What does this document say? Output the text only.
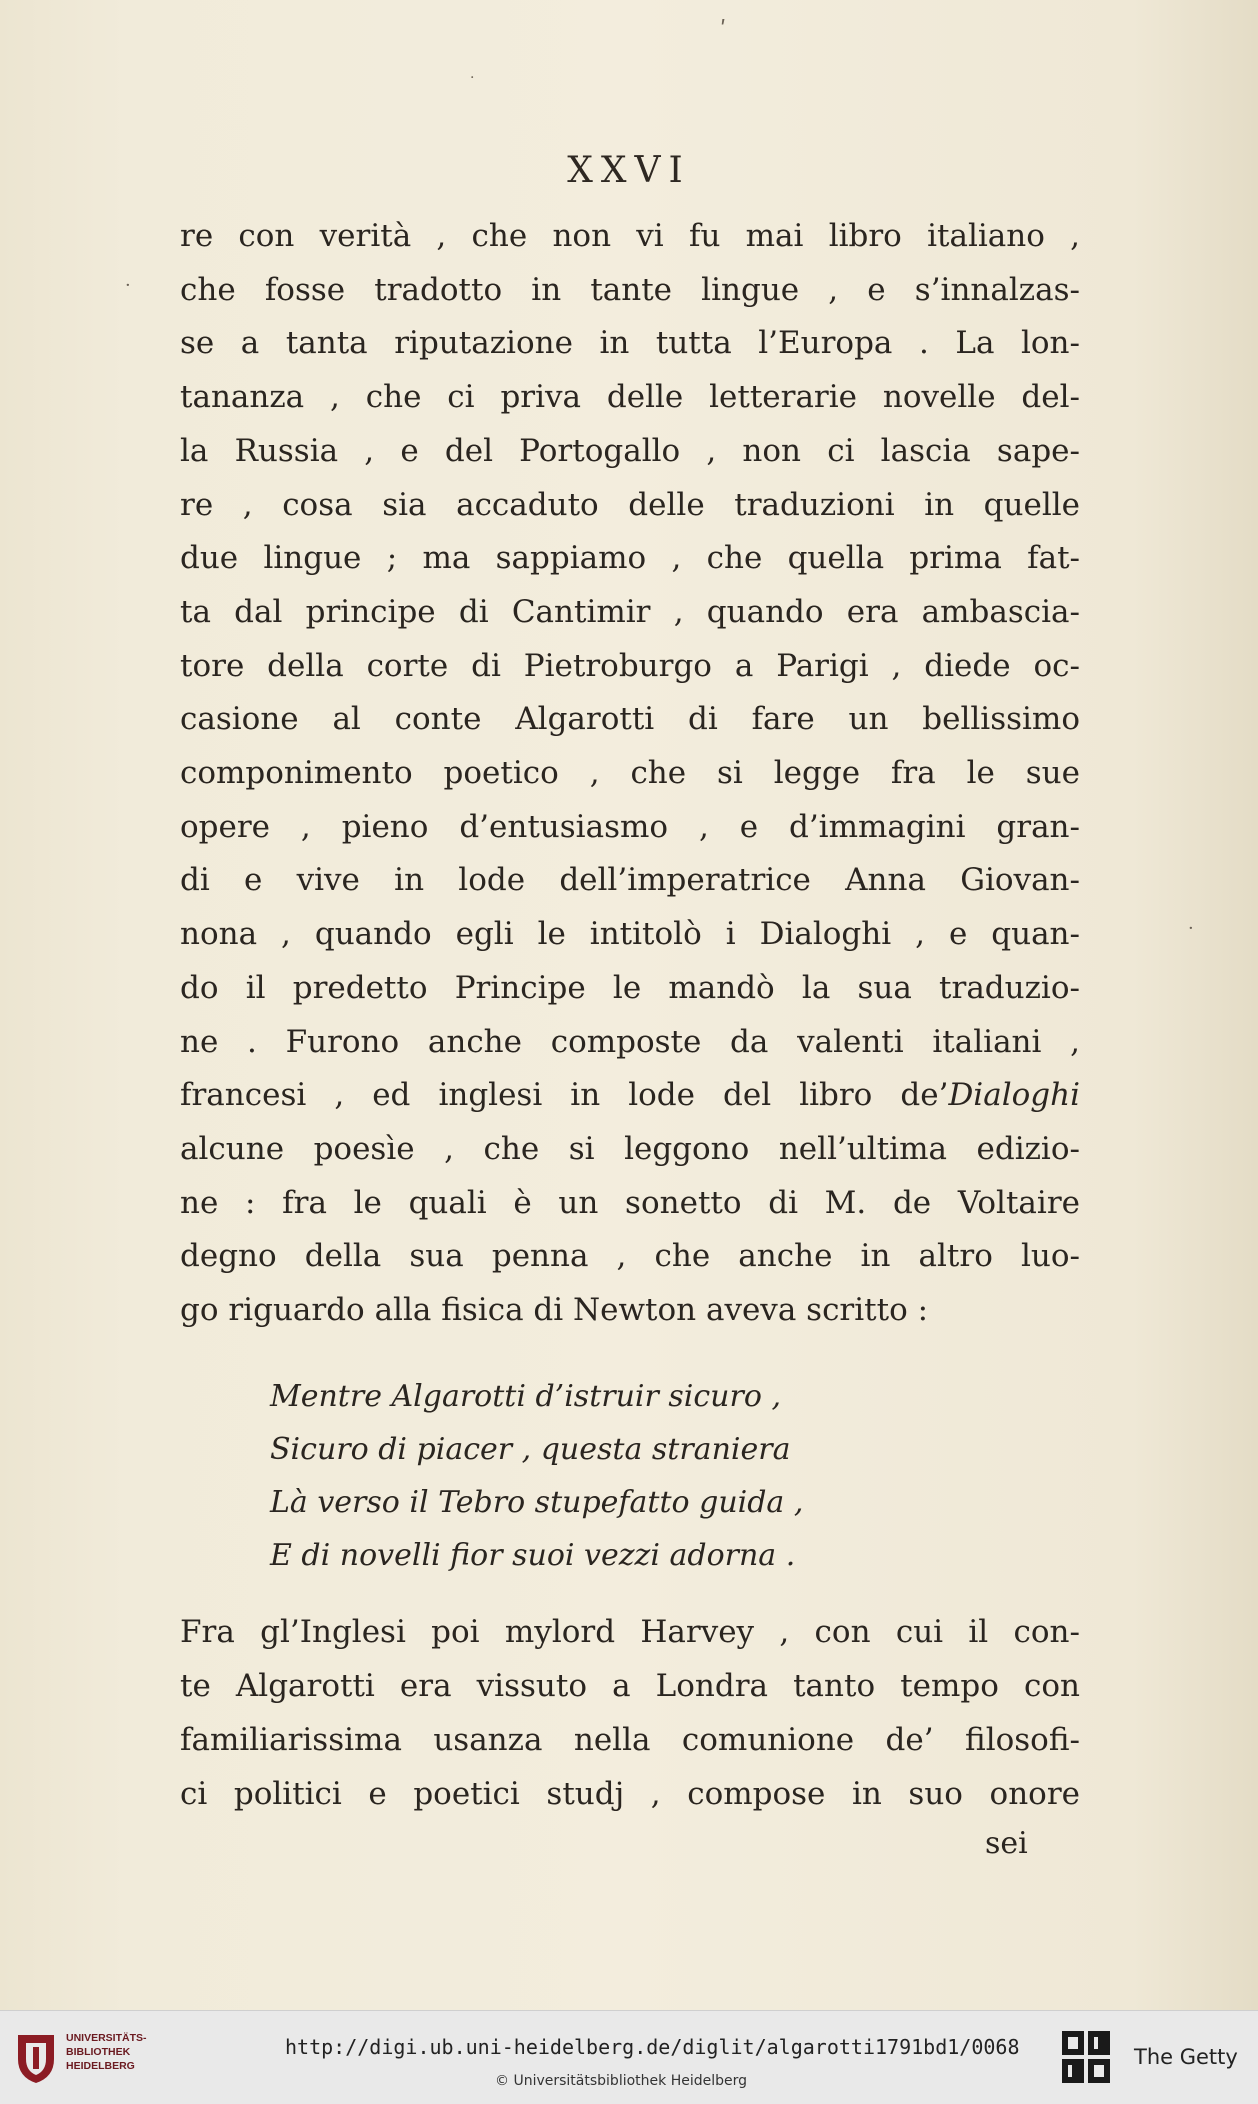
ʹ
·
·
·
XXVI
re con verità , che non vi fu mai libro italiano ,
che fosse tradotto in tante lingue , e s’innalzas-
se a tanta riputazione in tutta l’Europa . La lon-
tananza , che ci priva delle letterarie novelle del-
la Russia , e del Portogallo , non ci lascia sape-
re , cosa sia accaduto delle traduzioni in quelle
due lingue ; ma sappiamo , che quella prima fat-
ta dal principe di Cantimir , quando era ambascia-
tore della corte di Pietroburgo a Parigi , diede oc-
casione al conte Algarotti di fare un bellissimo
componimento poetico , che si legge fra le sue
opere , pieno d’entusiasmo , e d’immagini gran-
di e vive in lode dell’imperatrice Anna Giovan-
nona , quando egli le intitolò i Dialoghi , e quan-
do il predetto Principe le mandò la sua traduzio-
ne . Furono anche composte da valenti italiani ,
francesi , ed inglesi in lode del libro de’Dialoghi
alcune poesìe , che si leggono nell’ultima edizio-
ne : fra le quali è un sonetto di M. de Voltaire
degno della sua penna , che anche in altro luo-
go riguardo alla fisica di Newton aveva scritto :
Mentre Algarotti d’istruir sicuro ,
Sicuro di piacer , questa straniera
Là verso il Tebro stupefatto guida ,
E di novelli fior suoi vezzi adorna .
Fra gl’Inglesi poi mylord Harvey , con cui il con-
te Algarotti era vissuto a Londra tanto tempo con
familiarissima usanza nella comunione de’ filosofi-
ci politici e poetici studj , compose in suo onore
sei
UNIVERSITÄTS-
BIBLIOTHEK
HEIDELBERG
http://digi.ub.uni-heidelberg.de/diglit/algarotti1791bd1/0068
© Universitätsbibliothek Heidelberg
The Getty
